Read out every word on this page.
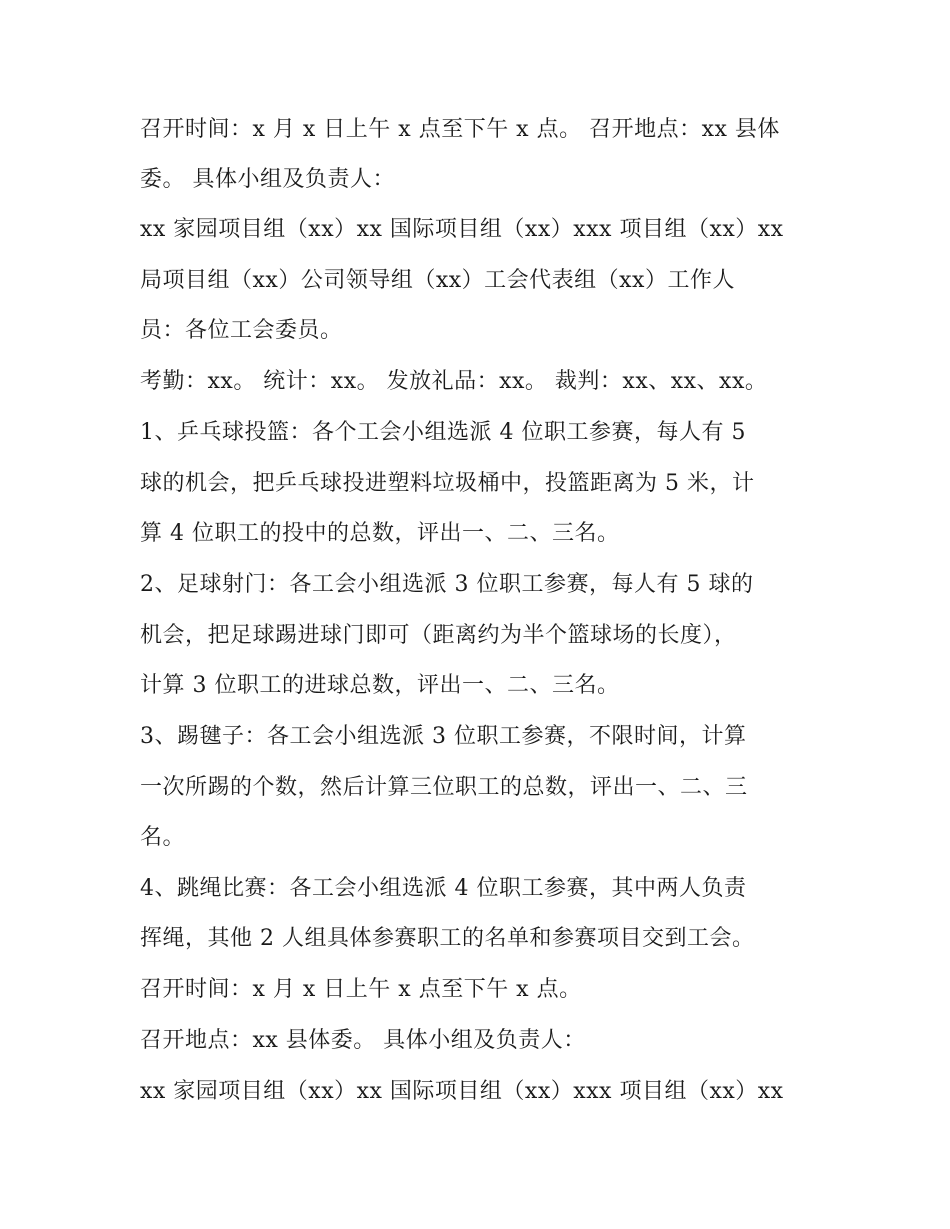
召开时间：x 月 x 日上午 x 点至下午 x 点。 召开地点：xx 县体
委。 具体小组及负责人：
xx 家园项目组（xx）xx 国际项目组（xx）xxx 项目组（xx）xx
局项目组（xx）公司领导组（xx）工会代表组（xx）工作人
员：各位工会委员。
考勤：xx。 统计：xx。 发放礼品：xx。 裁判：xx、xx、xx。
1、乒乓球投篮：各个工会小组选派 4 位职工参赛，每人有 5
球的机会，把乒乓球投进塑料垃圾桶中，投篮距离为 5 米，计
算 4 位职工的投中的总数，评出一、二、三名。
2、足球射门：各工会小组选派 3 位职工参赛，每人有 5 球的
机会，把足球踢进球门即可（距离约为半个篮球场的长度），
计算 3 位职工的进球总数，评出一、二、三名。
3、踢毽子：各工会小组选派 3 位职工参赛，不限时间，计算
一次所踢的个数，然后计算三位职工的总数，评出一、二、三
名。
4、跳绳比赛：各工会小组选派 4 位职工参赛，其中两人负责
挥绳，其他 2 人组具体参赛职工的名单和参赛项目交到工会。
召开时间：x 月 x 日上午 x 点至下午 x 点。
召开地点：xx 县体委。 具体小组及负责人：
xx 家园项目组（xx）xx 国际项目组（xx）xxx 项目组（xx）xx
